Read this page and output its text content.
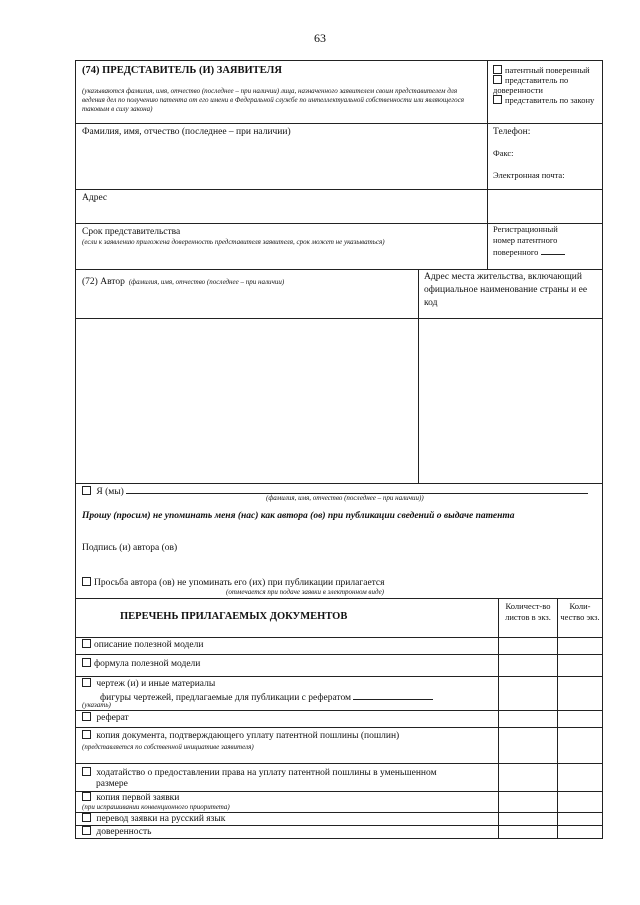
63
(74) ПРЕДСТАВИТЕЛЬ (И) ЗАЯВИТЕЛЯ
(указываются фамилия, имя, отчество (последнее – при наличии) лица, назначенного заявителем своим представителем для ведения дел по получению патента от его имени в Федеральной службе по интеллектуальной собственности или являющегося таковым в силу закона)
патентный поверенный
представитель по доверенности
представитель по закону
Фамилия, имя, отчество (последнее – при наличии)	Телефон:
Факс:
Электронная почта:
Адрес
Срок представительства
(если к заявлению приложена доверенность представителя заявителя, срок может не указываться)
Регистрационный номер патентного поверенного
(72) Автор (фамилия, имя, отчество (последнее – при наличии)	Адрес места жительства, включающий официальное наименование страны и ее код
Я (мы)
(фамилия, имя, отчество (последнее – при наличии))
Прошу (просим) не упоминать меня (нас) как автора (ов) при публикации сведений о выдаче патента
Подпись (и) автора (ов)
Просьба автора (ов) не упоминать его (их) при публикации прилагается
(отмечается при подаче заявки в электронном виде)
ПЕРЕЧЕНЬ ПРИЛАГАЕМЫХ ДОКУМЕНТОВ
Количест-во листов в экз.
Коли-чество экз.
описание полезной модели
формула полезной модели
чертеж (и) и иные материалы
фигуры чертежей, предлагаемые для публикации с рефератом
(указать)
реферат
копия документа, подтверждающего уплату патентной пошлины (пошлин)
(представляется по собственной инициативе заявителя)
ходатайство о предоставлении права на уплату патентной пошлины в уменьшенном
размере
копия первой заявки
(при испрашивании конвенционного приоритета)
перевод заявки на русский язык
доверенность
